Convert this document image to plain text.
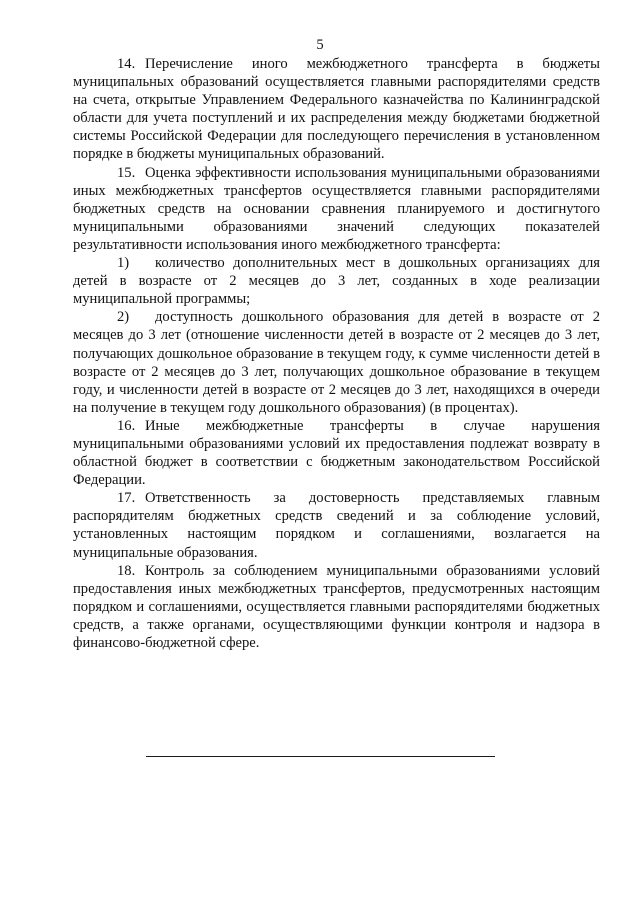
5

14. Перечисление иного межбюджетного трансферта в бюджеты муниципальных образований осуществляется главными распорядителями средств на счета, открытые Управлением Федерального казначейства по Калининградской области для учета поступлений и их распределения между бюджетами бюджетной системы Российской Федерации для последующего перечисления в установленном порядке в бюджеты муниципальных образований.

15. Оценка эффективности использования муниципальными образованиями иных межбюджетных трансфертов осуществляется главными распорядителями бюджетных средств на основании сравнения планируемого и достигнутого муниципальными образованиями значений следующих показателей результативности использования иного межбюджетного трансферта:

1) количество дополнительных мест в дошкольных организациях для детей в возрасте от 2 месяцев до 3 лет, созданных в ходе реализации муниципальной программы;

2) доступность дошкольного образования для детей в возрасте от 2 месяцев до 3 лет (отношение численности детей в возрасте от 2 месяцев до 3 лет, получающих дошкольное образование в текущем году, к сумме численности детей в возрасте от 2 месяцев до 3 лет, получающих дошкольное образование в текущем году, и численности детей в возрасте от 2 месяцев до 3 лет, находящихся в очереди на получение в текущем году дошкольного образования) (в процентах).

16. Иные межбюджетные трансферты в случае нарушения муниципальными образованиями условий их предоставления подлежат возврату в областной бюджет в соответствии с бюджетным законодательством Российской Федерации.

17. Ответственность за достоверность представляемых главным распорядителям бюджетных средств сведений и за соблюдение условий, установленных настоящим порядком и соглашениями, возлагается на муниципальные образования.

18. Контроль за соблюдением муниципальными образованиями условий предоставления иных межбюджетных трансфертов, предусмотренных настоящим порядком и соглашениями, осуществляется главными распорядителями бюджетных средств, а также органами, осуществляющими функции контроля и надзора в финансово-бюджетной сфере.
